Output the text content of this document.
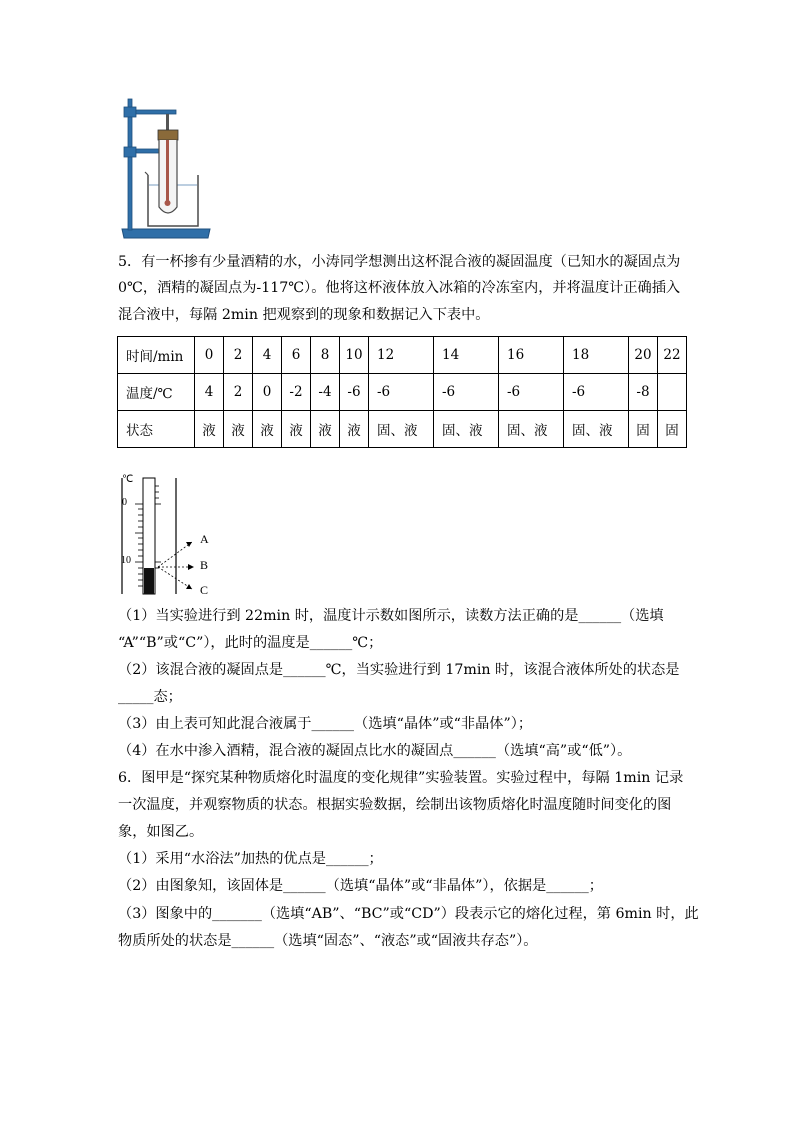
5．有一杯掺有少量酒精的水，小涛同学想测出这杯混合液的凝固温度（已知水的凝固点为
0℃，酒精的凝固点为-117℃）。他将这杯液体放入冰箱的冷冻室内，并将温度计正确插入
混合液中，每隔 2min 把观察到的现象和数据记入下表中。
时间/min	0	2	4	6	8	10	12	14	16	18	20	22
温度/℃	4	2	0	-2	-4	-6	-6	-6	-6	-6	-8	
状态	液	液	液	液	液	液	固、液	固、液	固、液	固、液	固	固
℃
0
10
A
B
C
（1）当实验进行到 22min 时，温度计示数如图所示，读数方法正确的是______（选填
“A”“B”或“C”），此时的温度是______℃；
（2）该混合液的凝固点是______℃，当实验进行到 17min 时，该混合液体所处的状态是
_____态；
（3）由上表可知此混合液属于______（选填“晶体”或“非晶体”）；
（4）在水中渗入酒精，混合液的凝固点比水的凝固点______（选填“高”或“低”）。
6．图甲是“探究某种物质熔化时温度的变化规律”实验装置。实验过程中，每隔 1min 记录
一次温度，并观察物质的状态。根据实验数据，绘制出该物质熔化时温度随时间变化的图
象，如图乙。
（1）采用“水浴法”加热的优点是______；
（2）由图象知，该固体是______（选填“晶体”或“非晶体”），依据是______；
（3）图象中的_______（选填“AB”、“BC”或“CD”）段表示它的熔化过程，第 6min 时，此
物质所处的状态是______（选填“固态”、“液态”或“固液共存态”）。
